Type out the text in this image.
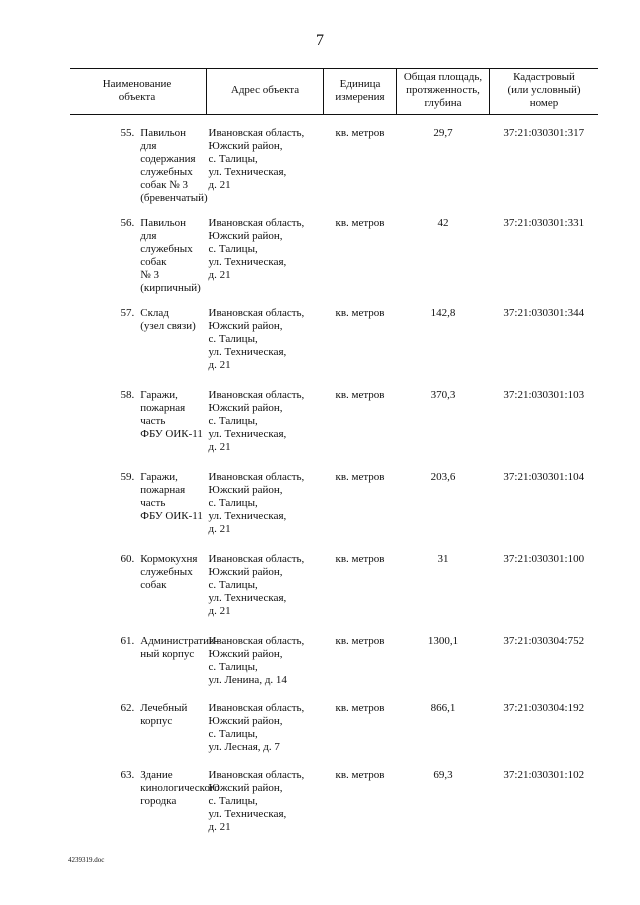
7
Наименование
объекта		Адрес объекта	Единица
измерения	Общая площадь,
протяженность,
глубина	Кадастровый
(или условный)
номер
55.	Павильон для
содержания
служебных
собак № 3
(бревенчатый)	Ивановская область,
Южский район,
с. Талицы,
ул. Техническая,
д. 21	кв. метров	29,7	37:21:030301:317
56.	Павильон для
служебных собак
№ 3 (кирпичный)	Ивановская область,
Южский район,
с. Талицы,
ул. Техническая,
д. 21	кв. метров	42	37:21:030301:331
57.	Склад
(узел связи)	Ивановская область,
Южский район,
с. Талицы,
ул. Техническая,
д. 21	кв. метров	142,8	37:21:030301:344
58.	Гаражи,
пожарная часть
ФБУ ОИК-11	Ивановская область,
Южский район,
с. Талицы,
ул. Техническая,
д. 21	кв. метров	370,3	37:21:030301:103
59.	Гаражи,
пожарная часть
ФБУ ОИК-11	Ивановская область,
Южский район,
с. Талицы,
ул. Техническая,
д. 21	кв. метров	203,6	37:21:030301:104
60.	Кормокухня
служебных собак	Ивановская область,
Южский район,
с. Талицы,
ул. Техническая,
д. 21	кв. метров	31	37:21:030301:100
61.	Административ-
ный корпус	Ивановская область,
Южский район,
с. Талицы,
ул. Ленина, д. 14	кв. метров	1300,1	37:21:030304:752
62.	Лечебный корпус	Ивановская область,
Южский район,
с. Талицы,
ул. Лесная, д. 7	кв. метров	866,1	37:21:030304:192
63.	Здание
кинологического
городка	Ивановская область,
Южский район,
с. Талицы,
ул. Техническая,
д. 21	кв. метров	69,3	37:21:030301:102
4239319.doc
